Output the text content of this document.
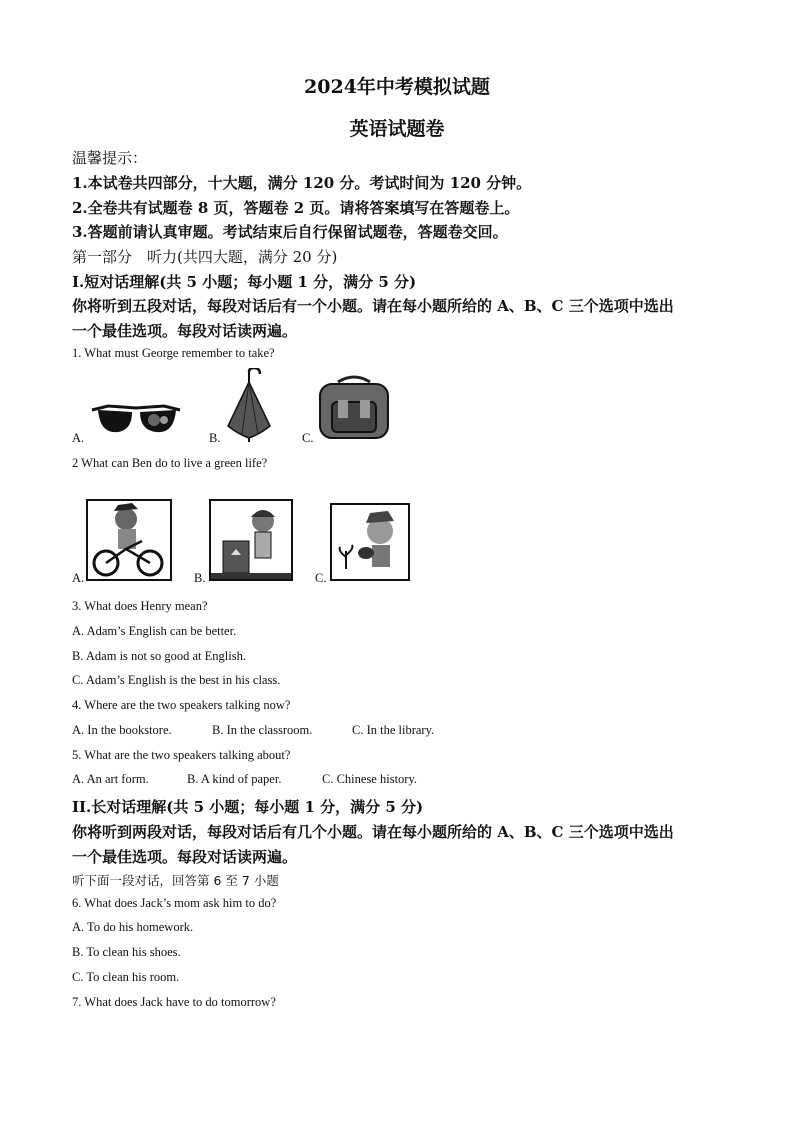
2024年中考模拟试题
英语试题卷
温馨提示：
1.本试卷共四部分，十大题，满分 120 分。考试时间为 120 分钟。
2.全卷共有试题卷 8 页，答题卷 2 页。请将答案填写在答题卷上。
3.答题前请认真审题。考试结束后自行保留试题卷，答题卷交回。
第一部分　听力(共四大题，满分 20 分)
I.短对话理解(共 5 小题；每小题 1 分，满分 5 分)
你将听到五段对话，每段对话后有一个小题。请在每小题所给的 A、B、C 三个选项中选出
一个最佳选项。每段对话读两遍。
1. What must George remember to take?
A.	B.	C.
2 What can Ben do to live a green life?
A.	B.	C.
3. What does Henry mean?
A. Adam’s English can be better.
B. Adam is not so good at English.
C. Adam’s English is the best in his class.
4. Where are the two speakers talking now?
A. In the bookstore.	B. In the classroom.	C. In the library.
5. What are the two speakers talking about?
A. An art form.	B. A kind of paper.	C. Chinese history.
II.长对话理解(共 5 小题；每小题 1 分，满分 5 分)
你将听到两段对话，每段对话后有几个小题。请在每小题所给的 A、B、C 三个选项中选出
一个最佳选项。每段对话读两遍。
听下面一段对话，回答第 6 至 7 小题
6. What does Jack’s mom ask him to do?
A. To do his homework.
B. To clean his shoes.
C. To clean his room.
7. What does Jack have to do tomorrow?
